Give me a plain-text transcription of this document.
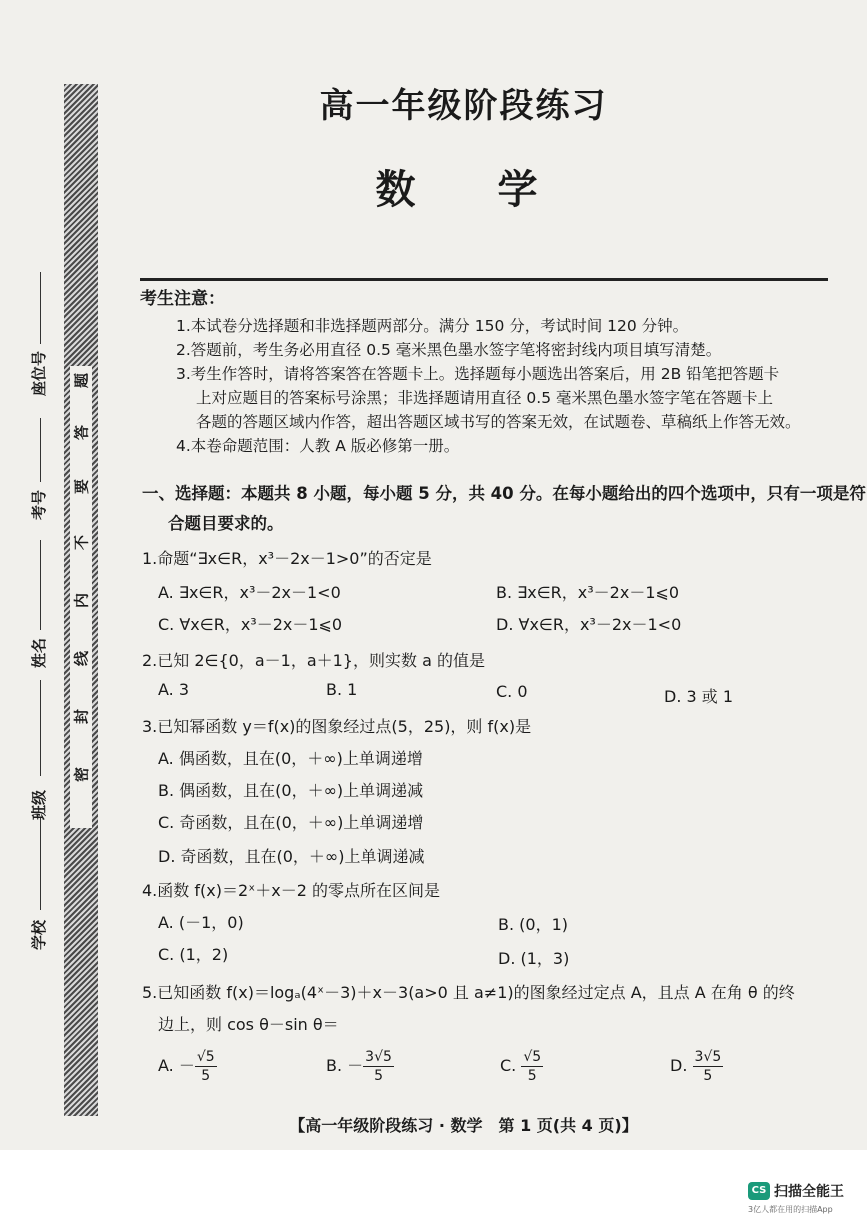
密
封
线
内
不
要
答
题
学校
班级
姓名
考号
座位号
高一年级阶段练习
数 学
考生注意：
1.本试卷分选择题和非选择题两部分。满分 150 分，考试时间 120 分钟。
2.答题前，考生务必用直径 0.5 毫米黑色墨水签字笔将密封线内项目填写清楚。
3.考生作答时，请将答案答在答题卡上。选择题每小题选出答案后，用 2B 铅笔把答题卡
上对应题目的答案标号涂黑；非选择题请用直径 0.5 毫米黑色墨水签字笔在答题卡上
各题的答题区域内作答，超出答题区域书写的答案无效，在试题卷、草稿纸上作答无效。
4.本卷命题范围：人教 A 版必修第一册。
一、选择题：本题共 8 小题，每小题 5 分，共 40 分。在每小题给出的四个选项中，只有一项是符
合题目要求的。
1.命题“∃x∈R，x³－2x－1>0”的否定是
A. ∃x∈R，x³－2x－1<0	B. ∃x∈R，x³－2x－1⩽0
C. ∀x∈R，x³－2x－1⩽0	D. ∀x∈R，x³－2x－1<0
2.已知 2∈{0，a－1，a＋1}，则实数 a 的值是
A. 3	B. 1	C. 0	D. 3 或 1
3.已知幂函数 y＝f(x)的图象经过点(5，25)，则 f(x)是
A. 偶函数，且在(0，＋∞)上单调递增
B. 偶函数，且在(0，＋∞)上单调递减
C. 奇函数，且在(0，＋∞)上单调递增
D. 奇函数，且在(0，＋∞)上单调递减
4.函数 f(x)＝2ˣ＋x－2 的零点所在区间是
A. (－1，0)	B. (0，1)
C. (1，2)	D. (1，3)
5.已知函数 f(x)＝logₐ(4ˣ－3)＋x－3(a>0 且 a≠1)的图象经过定点 A，且点 A 在角 θ 的终
边上，则 cos θ－sin θ＝
A. － $\frac{√5}{5}$	B. － $\frac{3√5}{5}$	C. $\frac{√5}{5}$	D. $\frac{3√5}{5}$
【高一年级阶段练习 · 数学　第 1 页(共 4 页)】
CS 扫描全能王
3亿人都在用的扫描App
